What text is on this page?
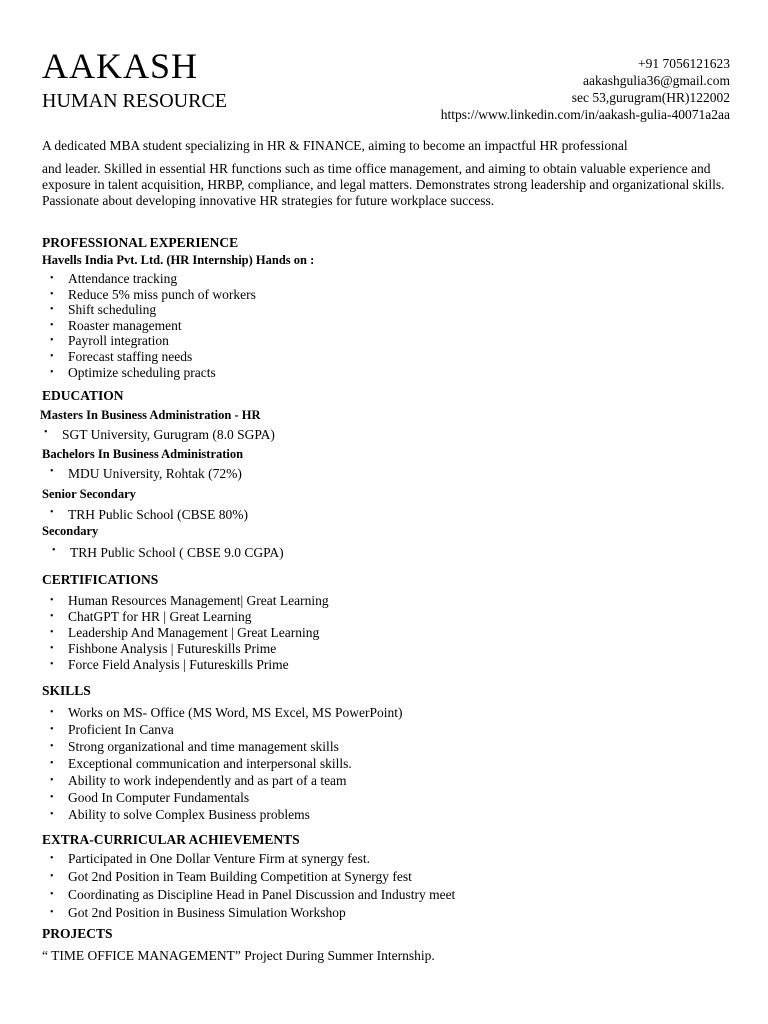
AAKASH
HUMAN RESOURCE
+91 7056121623
aakashgulia36@gmail.com
sec 53,gurugram(HR)122002
https://www.linkedin.com/in/aakash-gulia-40071a2aa

A dedicated MBA student specializing in HR & FINANCE, aiming to become an impactful HR professional

and leader. Skilled in essential HR functions such as time office management, and aiming to obtain valuable experience and exposure in talent acquisition, HRBP, compliance, and legal matters. Demonstrates strong leadership and organizational skills. Passionate about developing innovative HR strategies for future workplace success.

PROFESSIONAL EXPERIENCE
Havells India Pvt. Ltd. (HR Internship) Hands on :
• Attendance tracking
• Reduce 5% miss punch of workers
• Shift scheduling
• Roaster management
• Payroll integration
• Forecast staffing needs
• Optimize scheduling practs
EDUCATION
Masters In Business Administration - HR
• SGT University, Gurugram (8.0 SGPA)
Bachelors In Business Administration
• MDU University, Rohtak (72%)
Senior Secondary
• TRH Public School (CBSE 80%)
Secondary
• TRH Public School ( CBSE 9.0 CGPA)
CERTIFICATIONS
• Human Resources Management| Great Learning
• ChatGPT for HR | Great Learning
• Leadership And Management | Great Learning
• Fishbone Analysis | Futureskills Prime
• Force Field Analysis | Futureskills Prime
SKILLS
• Works on MS- Office (MS Word, MS Excel, MS PowerPoint)
• Proficient In Canva
• Strong organizational and time management skills
• Exceptional communication and interpersonal skills.
• Ability to work independently and as part of a team
• Good In Computer Fundamentals
• Ability to solve Complex Business problems
EXTRA-CURRICULAR ACHIEVEMENTS
• Participated in One Dollar Venture Firm at synergy fest.
• Got 2nd Position in Team Building Competition at Synergy fest
• Coordinating as Discipline Head in Panel Discussion and Industry meet
• Got 2nd Position in Business Simulation Workshop
PROJECTS
“ TIME OFFICE MANAGEMENT” Project During Summer Internship.
